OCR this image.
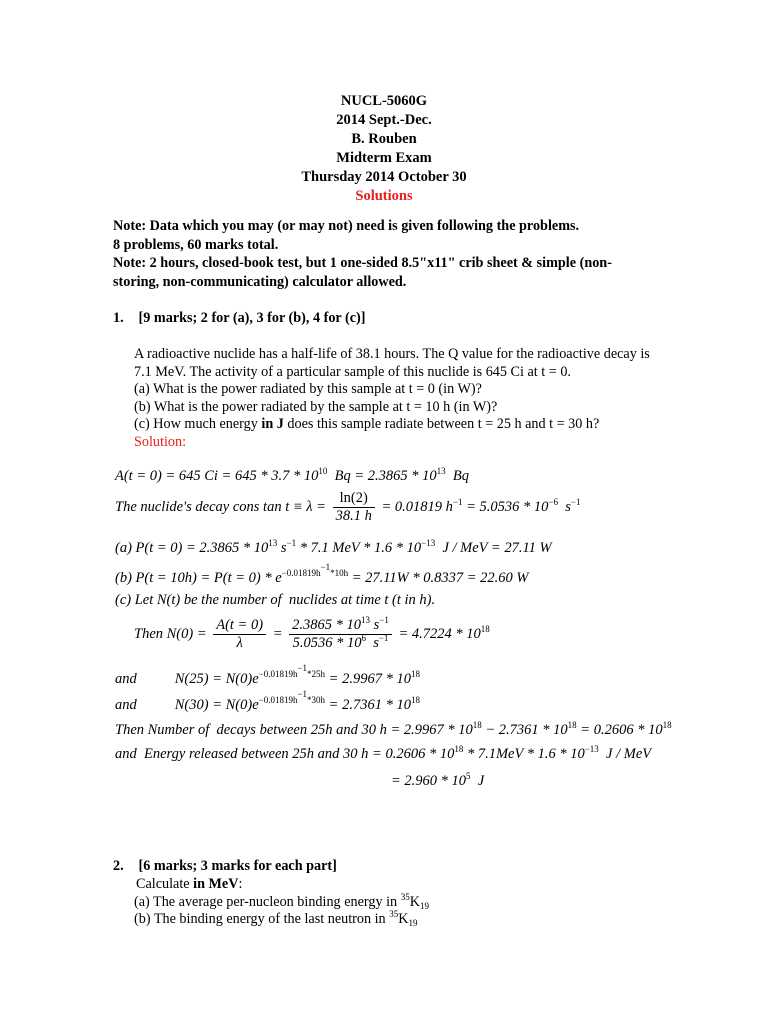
NUCL-5060G
2014 Sept.-Dec.
B. Rouben
Midterm Exam
Thursday 2014 October 30
Solutions

Note: Data which you may (or may not) need is given following the problems.

8 problems, 60 marks total.

Note: 2 hours, closed-book test, but 1 one-sided 8.5"x11" crib sheet & simple (non-storing, non-communicating) calculator allowed.

1. [9 marks; 2 for (a), 3 for (b), 4 for (c)]

A radioactive nuclide has a half-life of 38.1 hours. The Q value for the radioactive decay is 7.1 MeV. The activity of a particular sample of this nuclide is 645 Ci at t = 0.

(a) What is the power radiated by this sample at t = 0 (in W)?

(b) What is the power radiated by the sample at t = 10 h (in W)?

(c) How much energy in J does this sample radiate between t = 25 h and t = 30 h?

Solution:

A(t = 0) = 645 $Ci = 645 * 3.7 * 10^{10}$  $Bq = 2.3865 * 10^{13}$  Bq
The nuclide's decay cons $\tan t \equiv \lambda = \frac{\ln(2)}{38.1 h} = 0.01819$ $h^{-1} = 5.0536 * 10^{-6}$  $s^{-1}$
(a) $P(t = 0) = 2.3865 * 10^{13}$ $s^{-1} * 7.1$ MeV * $1.6 * 10^{-13}$  J / MeV = 27.11 W
(b) $P(t = 10h) = P(t = 0) * e^{-0.01819h^{-1}*10h} = 27.11W * 0.8337 = 22.60$ W
(c) Let N(t) be the number of  nuclides at time t (t in h).
Then $N(0) = \frac{A(t = 0)}{\lambda} = \frac{2.3865 * 10^{13} s^{-1}}{5.0536 * 10^6 s^{-1}} = 4.7224 * 10^{18}$
and	$N(25) = N(0)e^{-0.01819h^{-1}*25h} = 2.9967 * 10^{18}$
and	$N(30) = N(0)e^{-0.01819h^{-1}*30h} = 2.7361 * 10^{18}$
Then Number of  decays between 25h and 30 $h = 2.9967 * 10^{18} - 2.7361 * 10^{18} = 0.2606 * 10^{18}$
and  Energy released between 25h and 30 $h = 0.2606 * 10^{18} * 7.1MeV * 1.6 * 10^{-13}$  J / MeV
= $2.960 * 10^5$  J
2. [6 marks; 3 marks for each part]

Calculate in MeV:

(a) The average per-nucleon binding energy in $^{35}K_{19}$

(b) The binding energy of the last neutron in $^{35}K_{19}$
